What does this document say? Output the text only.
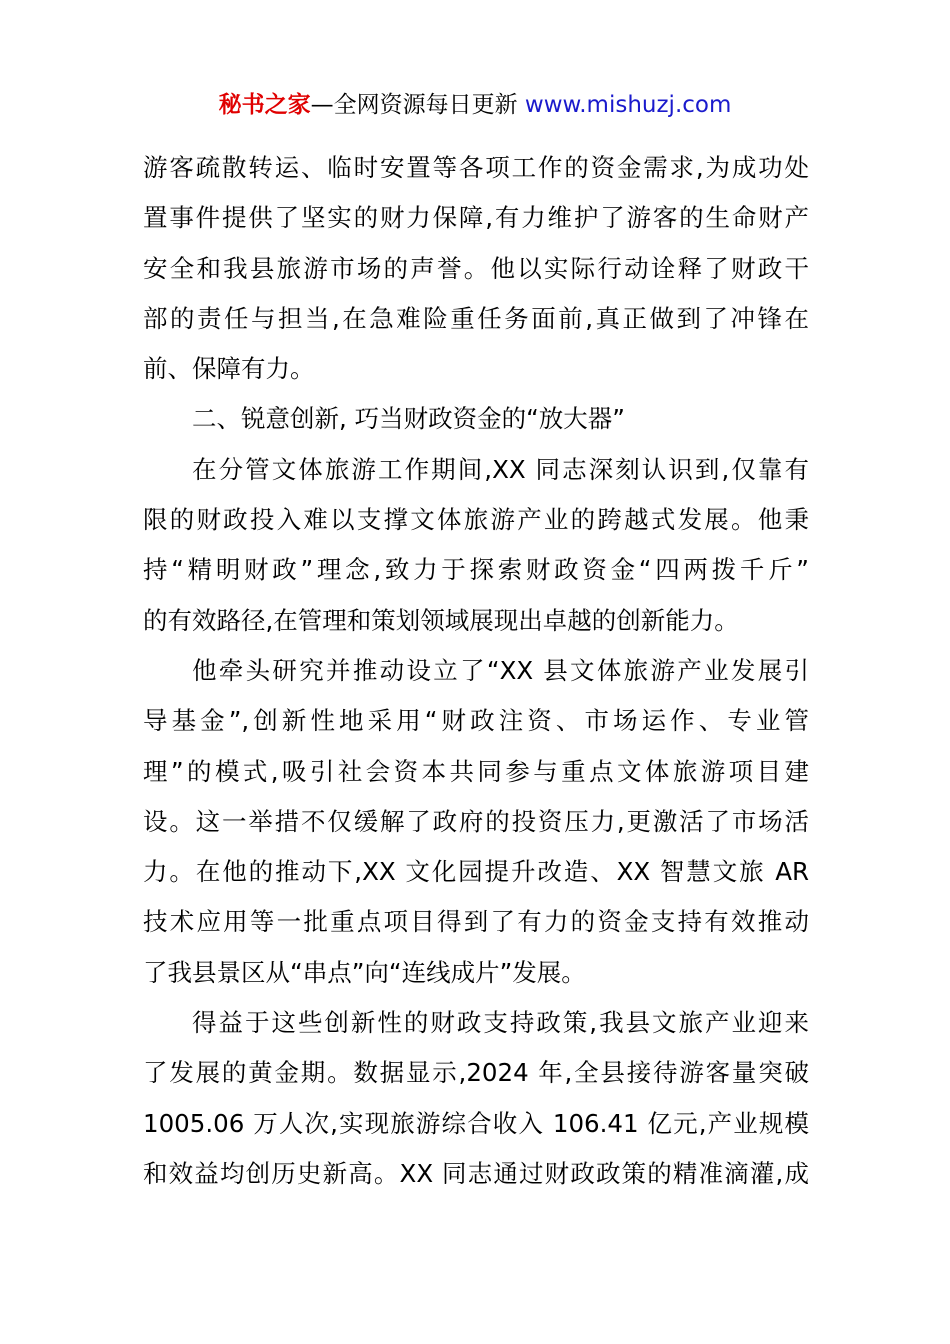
秘书之家—全网资源每日更新 www.mishuzj.com
游客疏散转运、临时安置等各项工作的资金需求,为成功处
置事件提供了坚实的财力保障,有力维护了游客的生命财产
安全和我县旅游市场的声誉。他以实际行动诠释了财政干
部的责任与担当,在急难险重任务面前,真正做到了冲锋在
前、保障有力。
二、锐意创新, 巧当财政资金的“放大器”
在分管文体旅游工作期间,XX 同志深刻认识到,仅靠有
限的财政投入难以支撑文体旅游产业的跨越式发展。他秉
持“精明财政”理念,致力于探索财政资金“四两拨千斤”
的有效路径,在管理和策划领域展现出卓越的创新能力。
他牵头研究并推动设立了“XX 县文体旅游产业发展引
导基金”,创新性地采用“财政注资、市场运作、专业管
理”的模式,吸引社会资本共同参与重点文体旅游项目建
设。这一举措不仅缓解了政府的投资压力,更激活了市场活
力。在他的推动下,XX 文化园提升改造、XX 智慧文旅 AR
技术应用等一批重点项目得到了有力的资金支持有效推动
了我县景区从“串点”向“连线成片”发展。
得益于这些创新性的财政支持政策,我县文旅产业迎来
了发展的黄金期。数据显示,2024 年,全县接待游客量突破
1005.06 万人次,实现旅游综合收入 106.41 亿元,产业规模
和效益均创历史新高。XX 同志通过财政政策的精准滴灌,成
